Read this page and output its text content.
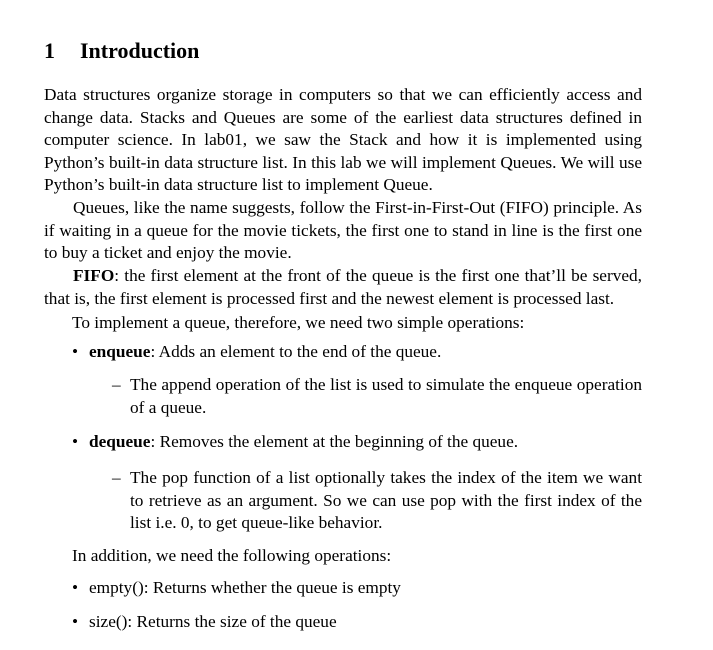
1 Introduction

Data structures organize storage in computers so that we can efficiently access and change data. Stacks and Queues are some of the earliest data structures defined in computer science. In lab01, we saw the Stack and how it is implemented using Python’s built-in data structure list. In this lab we will implement Queues. We will use Python’s built-in data structure list to implement Queue.

Queues, like the name suggests, follow the First-in-First-Out (FIFO) principle. As if waiting in a queue for the movie tickets, the first one to stand in line is the first one to buy a ticket and enjoy the movie.

FIFO: the first element at the front of the queue is the first one that’ll be served, that is, the first element is processed first and the newest element is processed last.

To implement a queue, therefore, we need two simple operations:
• enqueue: Adds an element to the end of the queue.
– The append operation of the list is used to simulate the enqueue operation of a queue.
• dequeue: Removes the element at the beginning of the queue.
– The pop function of a list optionally takes the index of the item we want to retrieve as an argument. So we can use pop with the first index of the list i.e. 0, to get queue-like behavior.
In addition, we need the following operations:
• empty(): Returns whether the queue is empty
• size(): Returns the size of the queue
